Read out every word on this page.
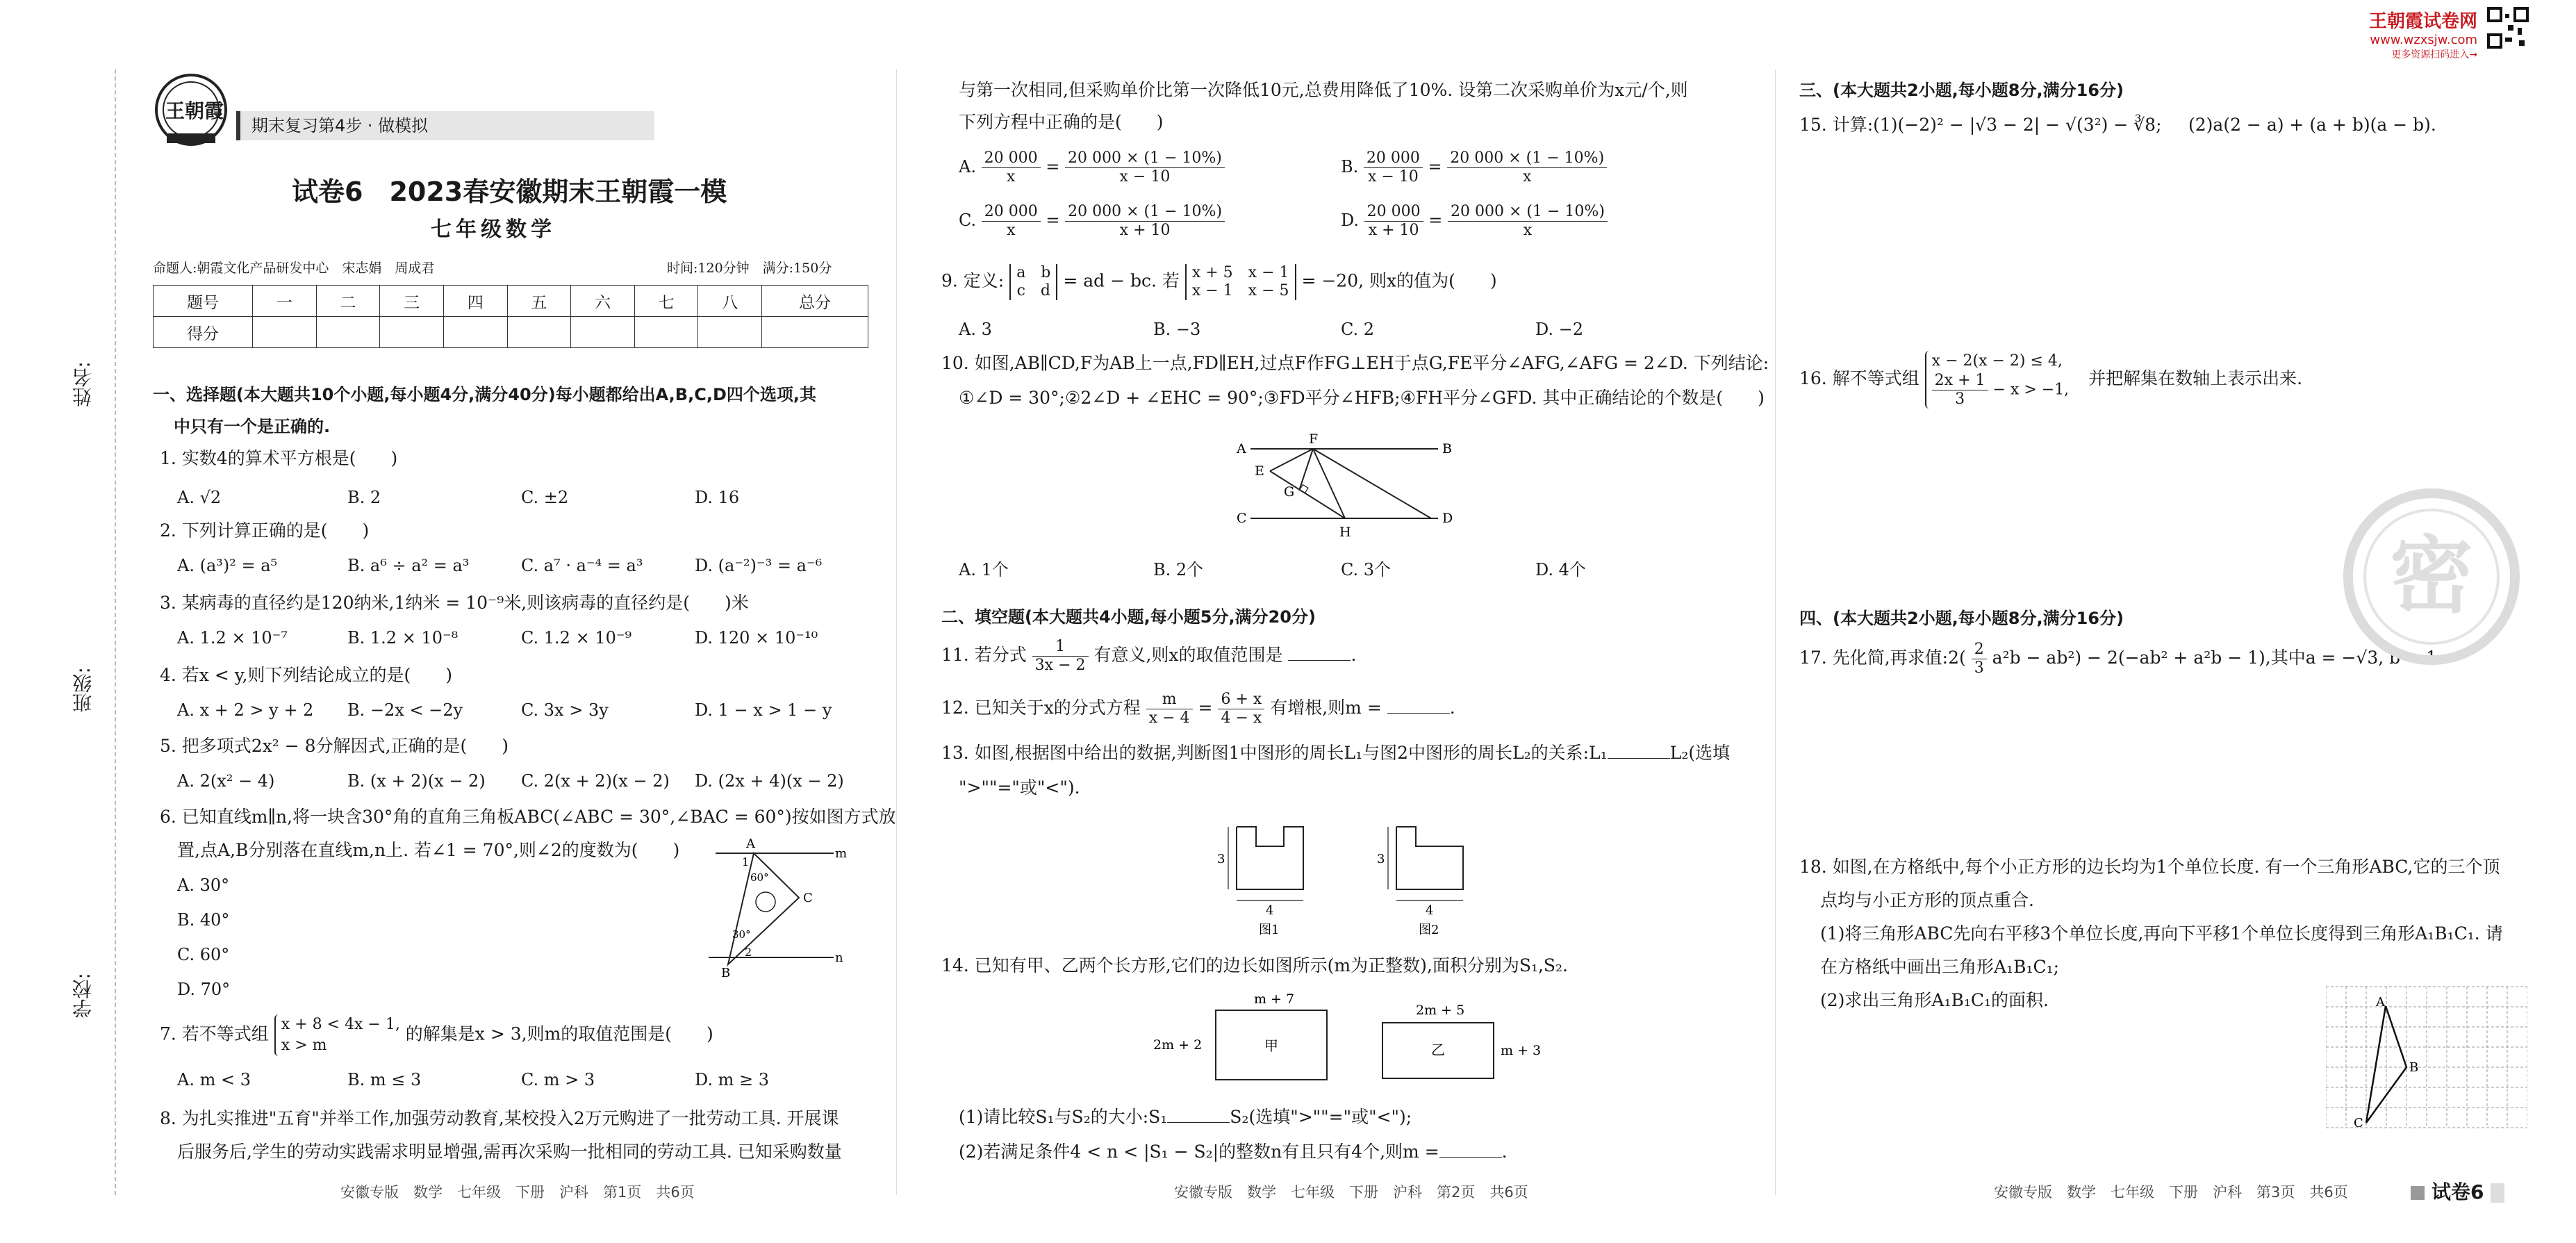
姓名:
班级:
学校:
王朝霞试卷网
www.wzxsjw.com
更多资源扫码进入→
王朝霞
期末复习第4步 · 做模拟
试卷6　2023春安徽期末王朝霞一模
七年级数学
命题人:朝霞文化产品研发中心　宋志娟　周成君	时间:120分钟　满分:150分
题号	一	二	三	四	五	六	七	八	总分
得分									
一、选择题(本大题共10个小题,每小题4分,满分40分)每小题都给出A,B,C,D四个选项,其
中只有一个是正确的.
1. 实数4的算术平方根是(　　)
A. √2	B. 2	C. ±2	D. 16
2. 下列计算正确的是(　　)
A. (a³)² = a⁵	B. a⁶ ÷ a² = a³	C. a⁷ · a⁻⁴ = a³	D. (a⁻²)⁻³ = a⁻⁶
3. 某病毒的直径约是120纳米,1纳米 = 10⁻⁹米,则该病毒的直径约是(　　)米
A. 1.2 × 10⁻⁷	B. 1.2 × 10⁻⁸	C. 1.2 × 10⁻⁹	D. 120 × 10⁻¹⁰
4. 若x < y,则下列结论成立的是(　　)
A. x + 2 > y + 2 B. −2x < −2y	C. 3x > 3y	D. 1 − x > 1 − y
5. 把多项式2x² − 8分解因式,正确的是(　　)
A. 2(x² − 4)	B. (x + 2)(x − 2) C. 2(x + 2)(x − 2) D. (2x + 4)(x − 2)
6. 已知直线m∥n,将一块含30°角的直角三角板ABC(∠ABC = 30°,∠BAC = 60°)按如图方式放
置,点A,B分别落在直线m,n上. 若∠1 = 70°,则∠2的度数为(　　)
A. 30°
B. 40°
C. 60°
D. 70°
m
n
A
B
C
1
2
60°
30°
7. 若不等式组 x + 8 < 4x − 1,
x > m 的解集是x > 3,则m的取值范围是(　　)
A. m < 3	B. m ≤ 3	C. m > 3	D. m ≥ 3
8. 为扎实推进"五育"并举工作,加强劳动教育,某校投入2万元购进了一批劳动工具. 开展课
后服务后,学生的劳动实践需求明显增强,需再次采购一批相同的劳动工具. 已知采购数量
安徽专版　数学　七年级　下册　沪科　第1页　共6页
与第一次相同,但采购单价比第一次降低10元,总费用降低了10%. 设第二次采购单价为x元/个,则
下列方程中正确的是(　　)
A. $\frac{20 000}{x} = \frac{20 000 \times (1 - 10\%)}{x - 10}$	B. $\frac{20 000}{x - 10} = \frac{20 000 \times (1 - 10\%)}{x}$
C. $\frac{20 000}{x} = \frac{20 000 \times (1 - 10\%)}{x + 10}$	D. $\frac{20 000}{x + 10} = \frac{20 000 \times (1 - 10\%)}{x}$
9. 定义: a　b
c　d = ad − bc. 若 x + 5　x − 1
x − 1　x − 5 = −20, 则x的值为(　　)
A. 3	B. −3	C. 2	D. −2
10. 如图,AB∥CD,F为AB上一点,FD∥EH,过点F作FG⊥EH于点G,FE平分∠AFG,∠AFG = 2∠D. 下列结论:
①∠D = 30°;②2∠D + ∠EHC = 90°;③FD平分∠HFB;④FH平分∠GFD. 其中正确结论的个数是(　　)
A	B
C	D
E
F
G
H
A. 1个	B. 2个	C. 3个	D. 4个
二、填空题(本大题共4小题,每小题5分,满分20分)
11. 若分式 $\frac{1}{3x - 2}$ 有意义,则x的取值范围是	.
12. 已知关于x的分式方程 $\frac{m}{x - 4} = \frac{6 + x}{4 - x}$ 有增根,则m =	.
13. 如图,根据图中给出的数据,判断图1中图形的周长L₁与图2中图形的周长L₂的关系:L₁	L₂(选填
">""="或"<").
3
4
图1
3
4
图2
14. 已知有甲、乙两个长方形,它们的边长如图所示(m为正整数),面积分别为S₁,S₂.
m + 7
2m + 2	甲
2m + 5
m + 3
乙
(1)请比较S₁与S₂的大小:S₁	S₂(选填">""="或"<");
(2)若满足条件4 < n < |S₁ − S₂|的整数n有且只有4个,则m =	.
安徽专版　数学　七年级　下册　沪科　第2页　共6页
三、(本大题共2小题,每小题8分,满分16分)
15. 计算:(1)(−2)² − |√3 − 2| − √(3²) − ∛8; (2)a(2 − a) + (a + b)(a − b).
16. 解不等式组 x − 2(x − 2) ≤ 4,

$\frac{2x + 1}{3} - x > -1$, 并把解集在数轴上表示出来.
四、(本大题共2小题,每小题8分,满分16分)
17. 先化简,再求值:2( $\frac{2}{3} a^2b - ab^2) - 2(-ab^2 + a^2b - 1)$,其中a = −√3, b = 1.
密
18. 如图,在方格纸中,每个小正方形的边长均为1个单位长度. 有一个三角形ABC,它的三个顶
点均与小正方形的顶点重合.
(1)将三角形ABC先向右平移3个单位长度,再向下平移1个单位长度得到三角形A₁B₁C₁. 请
在方格纸中画出三角形A₁B₁C₁;
(2)求出三角形A₁B₁C₁的面积.	A
B
C
安徽专版　数学　七年级　下册　沪科　第3页　共6页	试卷6
